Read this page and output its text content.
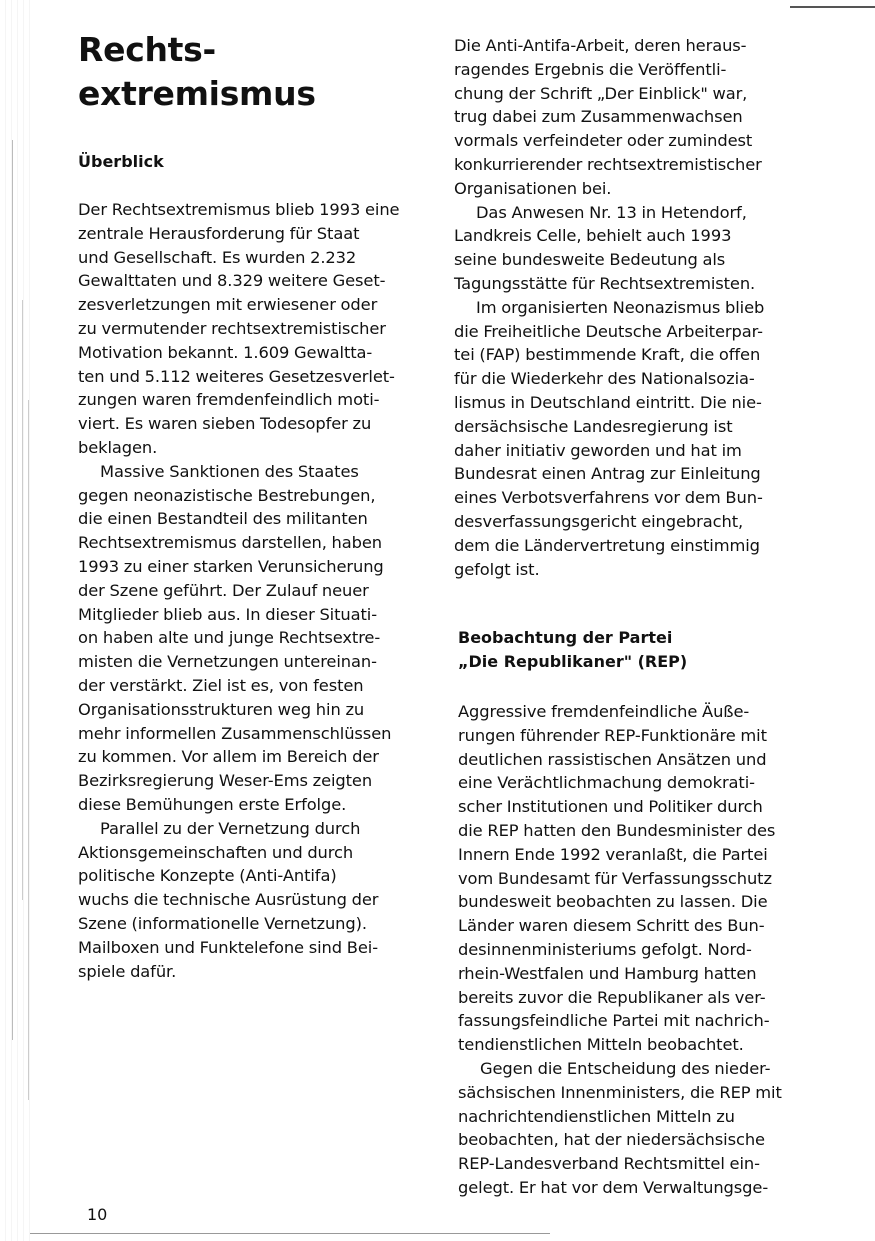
Rechts-
extremismus
Überblick
Der Rechtsextremismus blieb 1993 eine
zentrale Herausforderung für Staat
und Gesellschaft. Es wurden 2.232
Gewalttaten und 8.329 weitere Geset-
zesverletzungen mit erwiesener oder
zu vermutender rechtsextremistischer
Motivation bekannt. 1.609 Gewaltta-
ten und 5.112 weiteres Gesetzesverlet-
zungen waren fremdenfeindlich moti-
viert. Es waren sieben Todesopfer zu
beklagen.
Massive Sanktionen des Staates
gegen neonazistische Bestrebungen,
die einen Bestandteil des militanten
Rechtsextremismus darstellen, haben
1993 zu einer starken Verunsicherung
der Szene geführt. Der Zulauf neuer
Mitglieder blieb aus. In dieser Situati-
on haben alte und junge Rechtsextre-
misten die Vernetzungen untereinan-
der verstärkt. Ziel ist es, von festen
Organisationsstrukturen weg hin zu
mehr informellen Zusammenschlüssen
zu kommen. Vor allem im Bereich der
Bezirksregierung Weser-Ems zeigten
diese Bemühungen erste Erfolge.
Parallel zu der Vernetzung durch
Aktionsgemeinschaften und durch
politische Konzepte (Anti-Antifa)
wuchs die technische Ausrüstung der
Szene (informationelle Vernetzung).
Mailboxen und Funktelefone sind Bei-
spiele dafür.
Die Anti-Antifa-Arbeit, deren heraus-
ragendes Ergebnis die Veröffentli-
chung der Schrift „Der Einblick" war,
trug dabei zum Zusammenwachsen
vormals verfeindeter oder zumindest
konkurrierender rechtsextremistischer
Organisationen bei.
Das Anwesen Nr. 13 in Hetendorf,
Landkreis Celle, behielt auch 1993
seine bundesweite Bedeutung als
Tagungsstätte für Rechtsextremisten.
Im organisierten Neonazismus blieb
die Freiheitliche Deutsche Arbeiterpar-
tei (FAP) bestimmende Kraft, die offen
für die Wiederkehr des Nationalsozia-
lismus in Deutschland eintritt. Die nie-
dersächsische Landesregierung ist
daher initiativ geworden und hat im
Bundesrat einen Antrag zur Einleitung
eines Verbotsverfahrens vor dem Bun-
desverfassungsgericht eingebracht,
dem die Ländervertretung einstimmig
gefolgt ist.
Beobachtung der Partei
„Die Republikaner" (REP)
Aggressive fremdenfeindliche Äuße-
rungen führender REP-Funktionäre mit
deutlichen rassistischen Ansätzen und
eine Verächtlichmachung demokrati-
scher Institutionen und Politiker durch
die REP hatten den Bundesminister des
Innern Ende 1992 veranlaßt, die Partei
vom Bundesamt für Verfassungsschutz
bundesweit beobachten zu lassen. Die
Länder waren diesem Schritt des Bun-
desinnenministeriums gefolgt. Nord-
rhein-Westfalen und Hamburg hatten
bereits zuvor die Republikaner als ver-
fassungsfeindliche Partei mit nachrich-
tendienstlichen Mitteln beobachtet.
Gegen die Entscheidung des nieder-
sächsischen Innenministers, die REP mit
nachrichtendienstlichen Mitteln zu
beobachten, hat der niedersächsische
REP-Landesverband Rechtsmittel ein-
gelegt. Er hat vor dem Verwaltungsge-
10
